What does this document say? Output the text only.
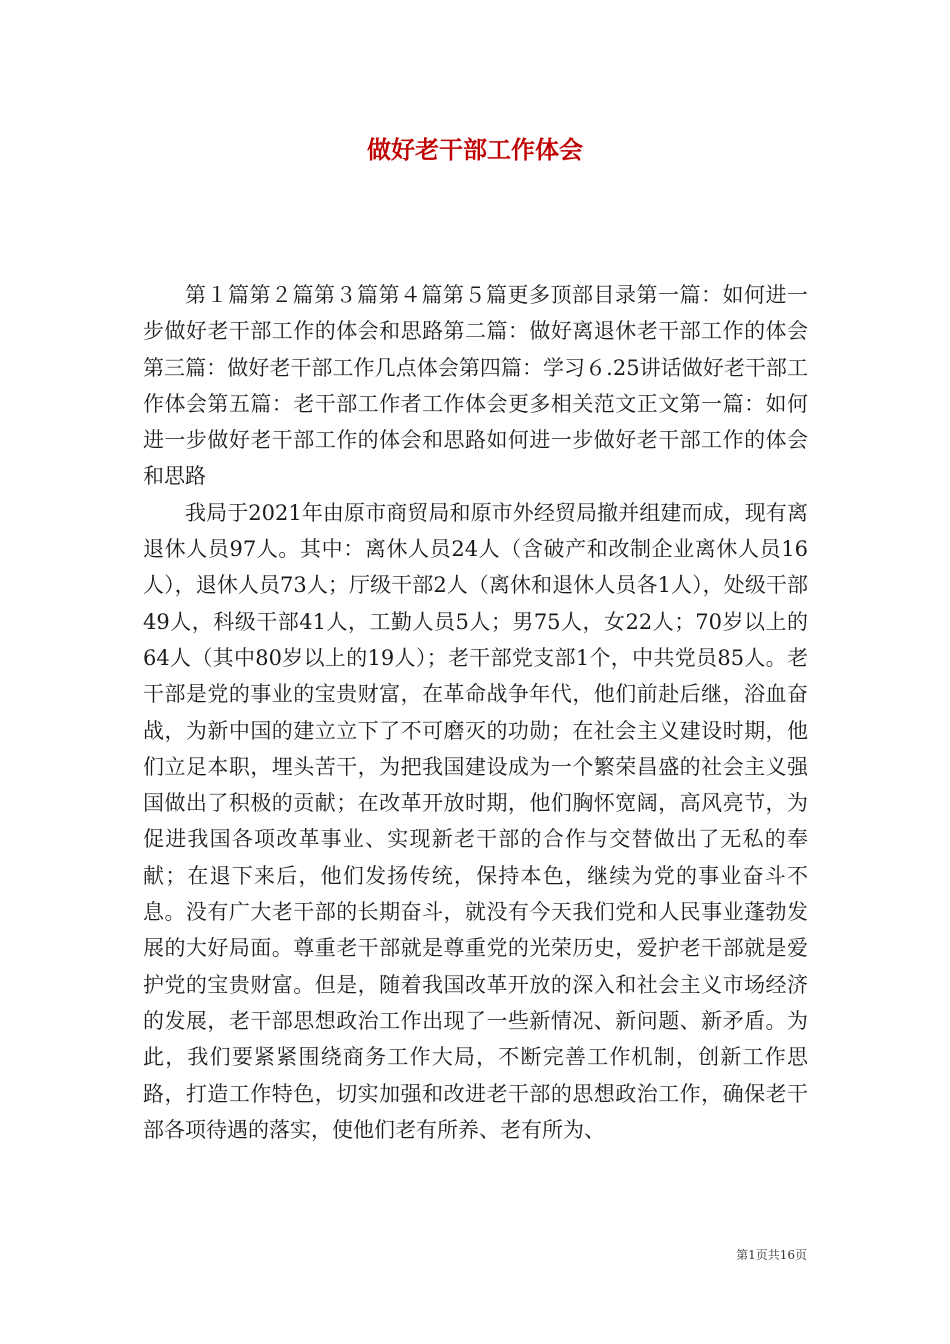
做好老干部工作体会

第１篇第２篇第３篇第４篇第５篇更多顶部目录第一篇：如何进一步做好老干部工作的体会和思路第二篇：做好离退休老干部工作的体会第三篇：做好老干部工作几点体会第四篇：学习６.25讲话做好老干部工作体会第五篇：老干部工作者工作体会更多相关范文正文第一篇：如何进一步做好老干部工作的体会和思路如何进一步做好老干部工作的体会和思路

我局于2021年由原市商贸局和原市外经贸局撤并组建而成，现有离退休人员97人。其中：离休人员24人（含破产和改制企业离休人员16人），退休人员73人；厅级干部2人（离休和退休人员各1人），处级干部49人，科级干部41人，工勤人员5人；男75人，女22人；70岁以上的64人（其中80岁以上的19人）；老干部党支部1个，中共党员85人。老干部是党的事业的宝贵财富，在革命战争年代，他们前赴后继，浴血奋战，为新中国的建立立下了不可磨灭的功勋；在社会主义建设时期，他们立足本职，埋头苦干，为把我国建设成为一个繁荣昌盛的社会主义强国做出了积极的贡献；在改革开放时期，他们胸怀宽阔，高风亮节，为促进我国各项改革事业、实现新老干部的合作与交替做出了无私的奉献；在退下来后，他们发扬传统，保持本色，继续为党的事业奋斗不息。没有广大老干部的长期奋斗，就没有今天我们党和人民事业蓬勃发展的大好局面。尊重老干部就是尊重党的光荣历史，爱护老干部就是爱护党的宝贵财富。但是，随着我国改革开放的深入和社会主义市场经济的发展，老干部思想政治工作出现了一些新情况、新问题、新矛盾。为此，我们要紧紧围绕商务工作大局，不断完善工作机制，创新工作思路，打造工作特色，切实加强和改进老干部的思想政治工作，确保老干部各项待遇的落实，使他们老有所养、老有所为、

第1页共16页
